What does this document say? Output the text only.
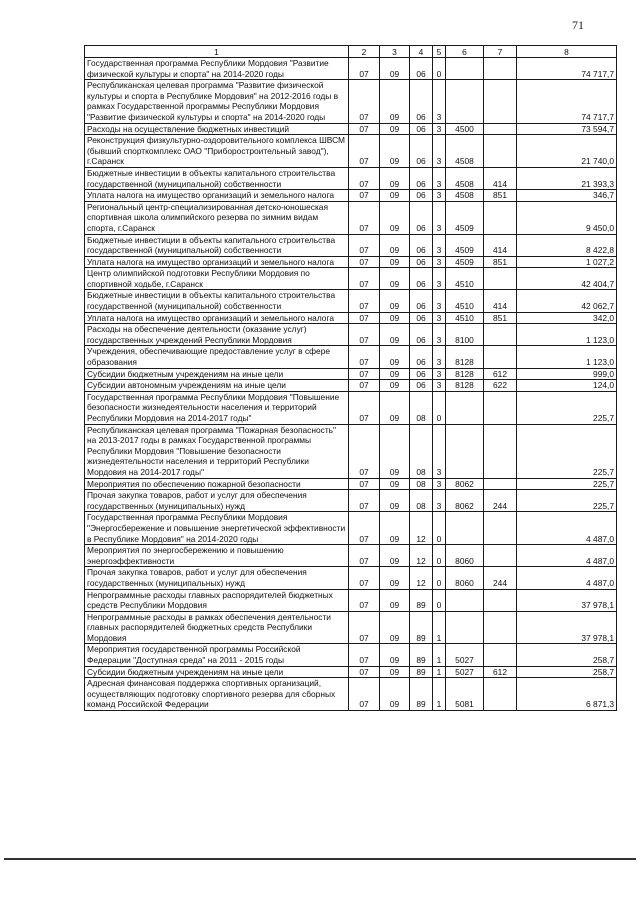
71
1	2	3	4	5	6	7	8
Государственная программа Республики Мордовия "Развитие физической культуры и спорта" на 2014-2020 годы	07	09	06	0			74 717,7
Республиканская целевая программа "Развитие физической культуры и спорта в Республике Мордовия" на 2012-2016 годы в рамках Государственной программы Республики Мордовия "Развитие физической культуры и спорта" на 2014-2020 годы	07	09	06	3			74 717,7
Расходы на осуществление бюджетных инвестиций	07	09	06	3	4500		73 594,7
Реконструкция физкультурно-оздоровительного комплекса ШВСМ (бывший спорткомплекс ОАО "Приборостроительный завод"), г.Саранск	07	09	06	3	4508		21 740,0
Бюджетные инвестиции в объекты капитального строительства государственной (муниципальной) собственности	07	09	06	3	4508	414	21 393,3
Уплата налога на имущество организаций и земельного налога	07	09	06	3	4508	851	346,7
Региональный центр-специализированная детско-юношеская спортивная школа олимпийского резерва по зимним видам спорта, г.Саранск	07	09	06	3	4509		9 450,0
Бюджетные инвестиции в объекты капитального строительства государственной (муниципальной) собственности	07	09	06	3	4509	414	8 422,8
Уплата налога на имущество организаций и земельного налога	07	09	06	3	4509	851	1 027,2
Центр олимпийской подготовки Республики Мордовия по спортивной ходьбе, г.Саранск	07	09	06	3	4510		42 404,7
Бюджетные инвестиции в объекты капитального строительства государственной (муниципальной) собственности	07	09	06	3	4510	414	42 062,7
Уплата налога на имущество организаций и земельного налога	07	09	06	3	4510	851	342,0
Расходы на обеспечение деятельности (оказание услуг) государственных учреждений Республики Мордовия	07	09	06	3	8100		1 123,0
Учреждения, обеспечивающие предоставление услуг в сфере образования	07	09	06	3	8128		1 123,0
Субсидии бюджетным учреждениям на иные цели	07	09	06	3	8128	612	999,0
Субсидии автономным учреждениям на иные цели	07	09	06	3	8128	622	124,0
Государственная программа Республики Мордовия "Повышение безопасности жизнедеятельности населения и территорий Республики Мордовия на 2014-2017 годы"	07	09	08	0			225,7
Республиканская целевая программа "Пожарная безопасность" на 2013-2017 годы в рамках Государственной программы Республики Мордовия "Повышение безопасности жизнедеятельности населения и территорий Республики Мордовия на 2014-2017 годы"	07	09	08	3			225,7
Мероприятия по обеспечению пожарной безопасности	07	09	08	3	8062		225,7
Прочая закупка товаров, работ и услуг для обеспечения государственных (муниципальных) нужд	07	09	08	3	8062	244	225,7
Государственная программа Республики Мордовия "Энергосбережение и повышение энергетической эффективности в Республике Мордовия" на 2014-2020 годы	07	09	12	0			4 487,0
Мероприятия по энергосбережению и повышению энергоэффективности	07	09	12	0	8060		4 487,0
Прочая закупка товаров, работ и услуг для обеспечения государственных (муниципальных) нужд	07	09	12	0	8060	244	4 487,0
Непрограммные расходы главных распорядителей бюджетных средств Республики Мордовия	07	09	89	0			37 978,1
Непрограммные расходы в рамках обеспечения деятельности главных распорядителей бюджетных средств Республики Мордовия	07	09	89	1			37 978,1
Мероприятия государственной программы Российской Федерации "Доступная среда" на 2011 - 2015 годы	07	09	89	1	5027		258,7
Субсидии бюджетным учреждениям на иные цели	07	09	89	1	5027	612	258,7
Адресная финансовая поддержка спортивных организаций, осуществляющих подготовку спортивного резерва для сборных команд Российской Федерации	07	09	89	1	5081		6 871,3
